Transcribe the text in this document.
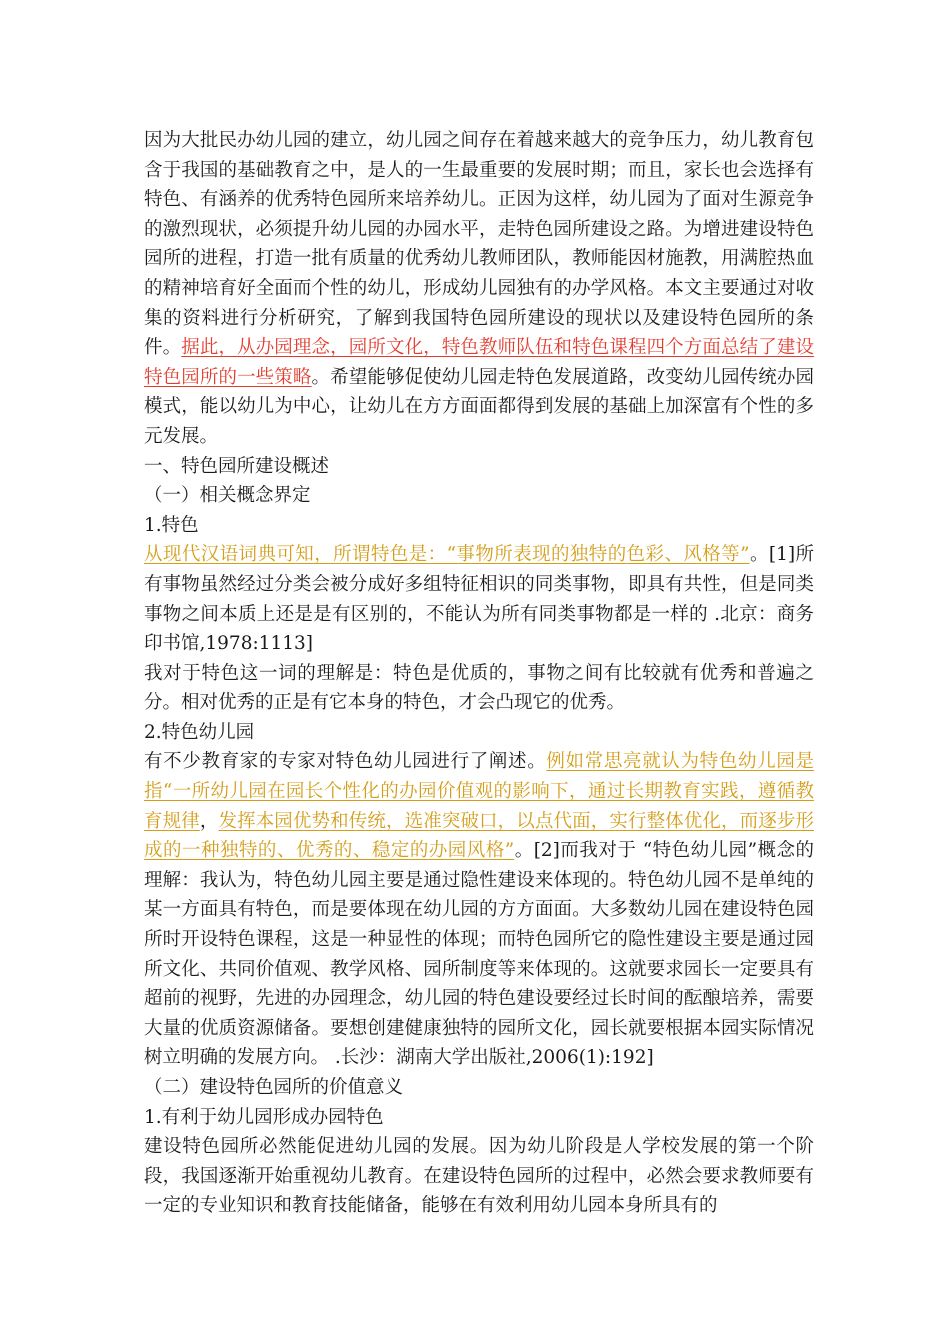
因为大批民办幼儿园的建立，幼儿园之间存在着越来越大的竞争压力，幼儿教育包含于我国的基础教育之中，是人的一生最重要的发展时期；而且，家长也会选择有特色、有涵养的优秀特色园所来培养幼儿。正因为这样，幼儿园为了面对生源竞争的激烈现状，必须提升幼儿园的办园水平，走特色园所建设之路。为增进建设特色园所的进程，打造一批有质量的优秀幼儿教师团队，教师能因材施教，用满腔热血的精神培育好全面而个性的幼儿，形成幼儿园独有的办学风格。本文主要通过对收集的资料进行分析研究，了解到我国特色园所建设的现状以及建设特色园所的条件。据此，从办园理念，园所文化，特色教师队伍和特色课程四个方面总结了建设特色园所的一些策略。希望能够促使幼儿园走特色发展道路，改变幼儿园传统办园模式，能以幼儿为中心，让幼儿在方方面面都得到发展的基础上加深富有个性的多元发展。

一、特色园所建设概述

（一）相关概念界定

1.特色

从现代汉语词典可知，所谓特色是：“事物所表现的独特的色彩、风格等”。[1]所有事物虽然经过分类会被分成好多组特征相识的同类事物，即具有共性，但是同类事物之间本质上还是是有区别的，不能认为所有同类事物都是一样的 .北京：商务印书馆,1978:1113]

我对于特色这一词的理解是：特色是优质的，事物之间有比较就有优秀和普遍之分。相对优秀的正是有它本身的特色，才会凸现它的优秀。

2.特色幼儿园

有不少教育家的专家对特色幼儿园进行了阐述。例如常思亮就认为特色幼儿园是指“一所幼儿园在园长个性化的办园价值观的影响下，通过长期教育实践，遵循教育规律，发挥本园优势和传统，选准突破口，以点代面，实行整体优化，而逐步形成的一种独特的、优秀的、稳定的办园风格”。[2]而我对于 “特色幼儿园”概念的理解：我认为，特色幼儿园主要是通过隐性建设来体现的。特色幼儿园不是单纯的某一方面具有特色，而是要体现在幼儿园的方方面面。大多数幼儿园在建设特色园所时开设特色课程，这是一种显性的体现；而特色园所它的隐性建设主要是通过园所文化、共同价值观、教学风格、园所制度等来体现的。这就要求园长一定要具有超前的视野，先进的办园理念，幼儿园的特色建设要经过长时间的酝酿培养，需要大量的优质资源储备。要想创建健康独特的园所文化，园长就要根据本园实际情况树立明确的发展方向。 .长沙：湖南大学出版社,2006(1):192]

（二）建设特色园所的价值意义

1.有利于幼儿园形成办园特色

建设特色园所必然能促进幼儿园的发展。因为幼儿阶段是人学校发展的第一个阶段，我国逐渐开始重视幼儿教育。在建设特色园所的过程中，必然会要求教师要有一定的专业知识和教育技能储备，能够在有效利用幼儿园本身所具有的
